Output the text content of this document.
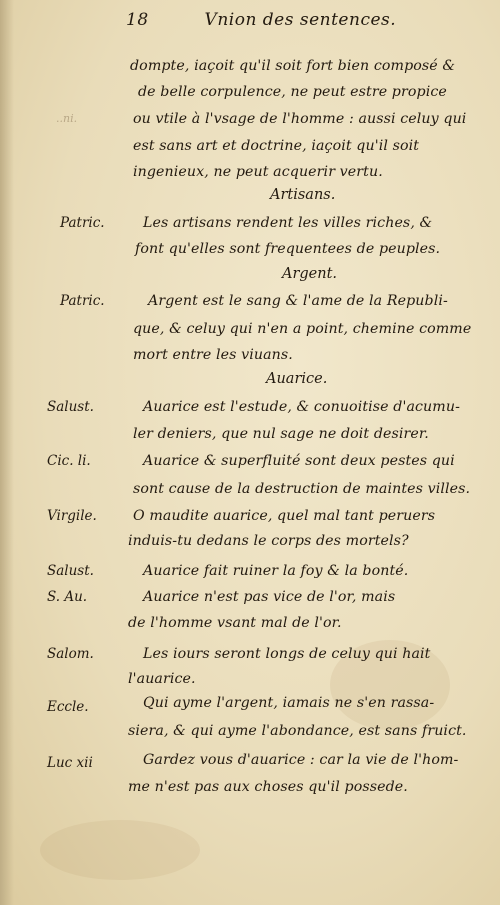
18	Vnion des sentences.
..ni.
dompte, iaçoit qu'il soit fort bien composé &
de belle corpulence, ne peut estre propice
ou vtile à l'vsage de l'homme : aussi celuy qui
est sans art et doctrine, iaçoit qu'il soit
ingenieux, ne peut acquerir vertu.
Artisans.
Patric.	Les artisans rendent les villes riches, &
font qu'elles sont frequentees de peuples.
Argent.
Patric.	Argent est le sang & l'ame de la Republi-
que, & celuy qui n'en a point, chemine comme
mort entre les viuans.
Auarice.
Salust.	Auarice est l'estude, & conuoitise d'acumu-
ler deniers, que nul sage ne doit desirer.
Cic. li.	Auarice & superfluité sont deux pestes qui
sont cause de la destruction de maintes villes.
Virgile.	O maudite auarice, quel mal tant peruers
induis-tu dedans le corps des mortels?
Salust.	Auarice fait ruiner la foy & la bonté.
S. Au.	Auarice n'est pas vice de l'or, mais
de l'homme vsant mal de l'or.
Salom.	Les iours seront longs de celuy qui hait
l'auarice.
Eccle.	Qui ayme l'argent, iamais ne s'en rassa-
siera, & qui ayme l'abondance, est sans fruict.
Luc xii	Gardez vous d'auarice : car la vie de l'hom-
me n'est pas aux choses qu'il possede.
